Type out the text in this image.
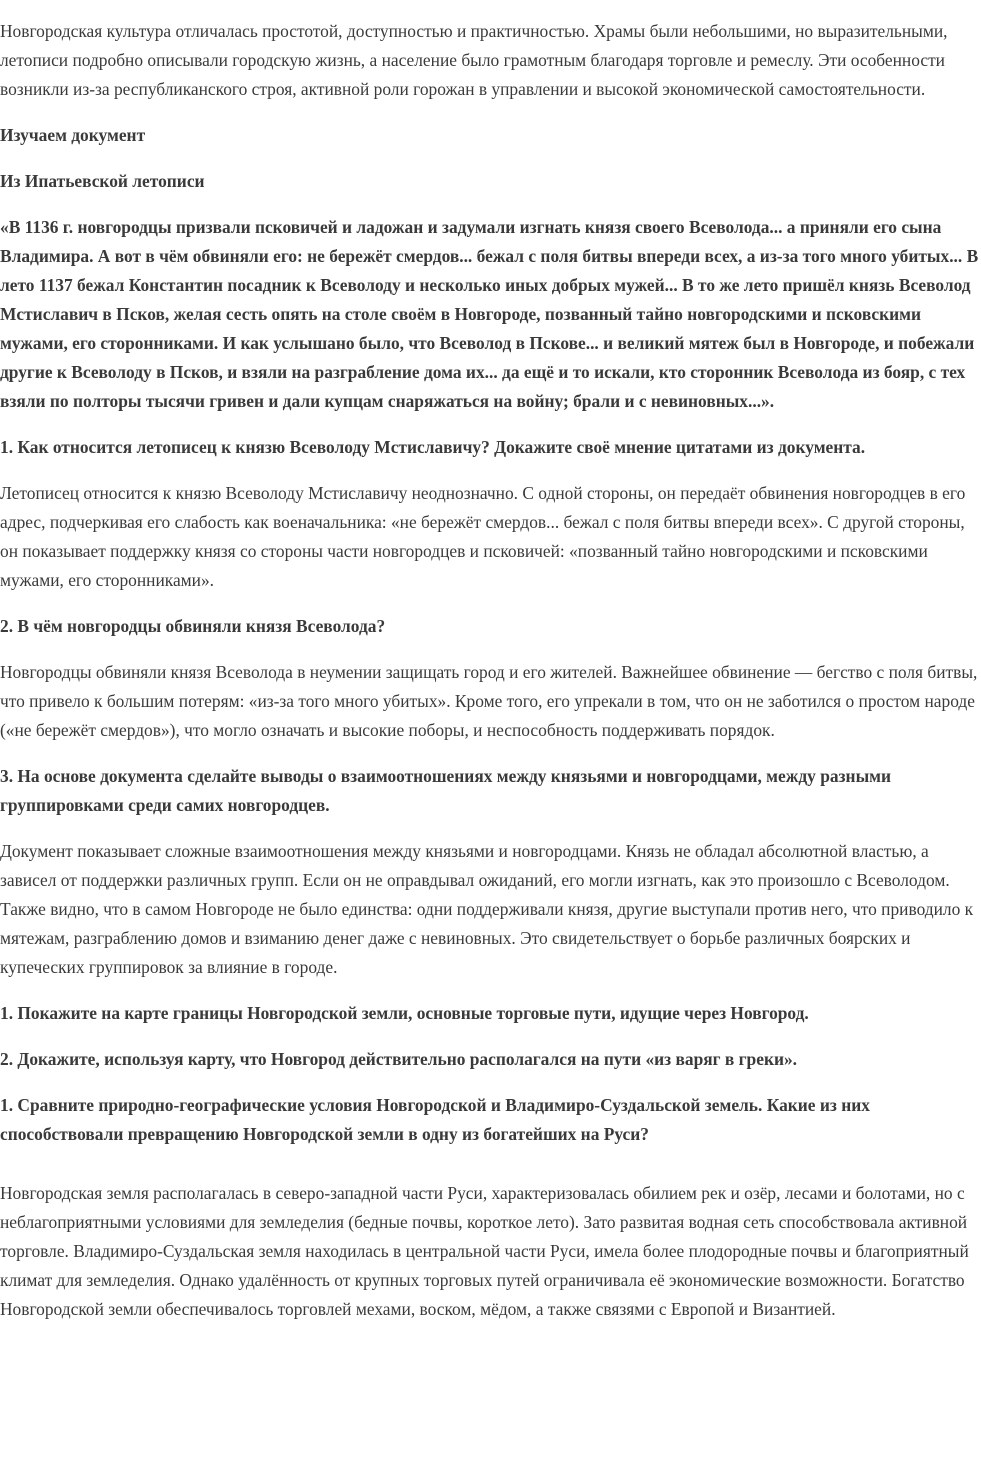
Новгородская культура отличалась простотой, доступностью и практичностью. Храмы были небольшими, но выразительными, летописи подробно описывали городскую жизнь, а население было грамотным благодаря торговле и ремеслу. Эти особенности возникли из-за республиканского строя, активной роли горожан в управлении и высокой экономической самостоятельности.

Изучаем документ

Из Ипатьевской летописи

«В 1136 г. новгородцы призвали псковичей и ладожан и задумали изгнать князя своего Всеволода... а приняли его сына Владимира. А вот в чём обвиняли его: не бережёт смердов... бежал с поля битвы впереди всех, а из-за того много убитых... В лето 1137 бежал Константин посадник к Всеволоду и несколько иных добрых мужей... В то же лето пришёл князь Всеволод Мстиславич в Псков, желая сесть опять на столе своём в Новгороде, позванный тайно новгородскими и псковскими мужами, его сторонниками. И как услышано было, что Всеволод в Пскове... и великий мятеж был в Новгороде, и побежали другие к Всеволоду в Псков, и взяли на разграбление дома их... да ещё и то искали, кто сторонник Всеволода из бояр, с тех взяли по полторы тысячи гривен и дали купцам снаряжаться на войну; брали и с невиновных...».

1. Как относится летописец к князю Всеволоду Мстиславичу? Докажите своё мнение цитатами из документа.

Летописец относится к князю Всеволоду Мстиславичу неоднозначно. С одной стороны, он передаёт обвинения новгородцев в его адрес, подчеркивая его слабость как военачальника: «не бережёт смердов... бежал с поля битвы впереди всех». С другой стороны, он показывает поддержку князя со стороны части новгородцев и псковичей: «позванный тайно новгородскими и псковскими мужами, его сторонниками».

2. В чём новгородцы обвиняли князя Всеволода?

Новгородцы обвиняли князя Всеволода в неумении защищать город и его жителей. Важнейшее обвинение — бегство с поля битвы, что привело к большим потерям: «из-за того много убитых». Кроме того, его упрекали в том, что он не заботился о простом народе («не бережёт смердов»), что могло означать и высокие поборы, и неспособность поддерживать порядок.

3. На основе документа сделайте выводы о взаимоотношениях между князьями и новгородцами, между разными группировками среди самих новгородцев.

Документ показывает сложные взаимоотношения между князьями и новгородцами. Князь не обладал абсолютной властью, а зависел от поддержки различных групп. Если он не оправдывал ожиданий, его могли изгнать, как это произошло с Всеволодом. Также видно, что в самом Новгороде не было единства: одни поддерживали князя, другие выступали против него, что приводило к мятежам, разграблению домов и взиманию денег даже с невиновных. Это свидетельствует о борьбе различных боярских и купеческих группировок за влияние в городе.

1. Покажите на карте границы Новгородской земли, основные торговые пути, идущие через Новгород.

2. Докажите, используя карту, что Новгород действительно располагался на пути «из варяг в греки».

1. Сравните природно-географические условия Новгородской и Владимиро-Суздальской земель. Какие из них способствовали превращению Новгородской земли в одну из богатейших на Руси?

Новгородская земля располагалась в северо-западной части Руси, характеризовалась обилием рек и озёр, лесами и болотами, но с неблагоприятными условиями для земледелия (бедные почвы, короткое лето). Зато развитая водная сеть способствовала активной торговле. Владимиро-Суздальская земля находилась в центральной части Руси, имела более плодородные почвы и благоприятный климат для земледелия. Однако удалённость от крупных торговых путей ограничивала её экономические возможности. Богатство Новгородской земли обеспечивалось торговлей мехами, воском, мёдом, а также связями с Европой и Византией.
